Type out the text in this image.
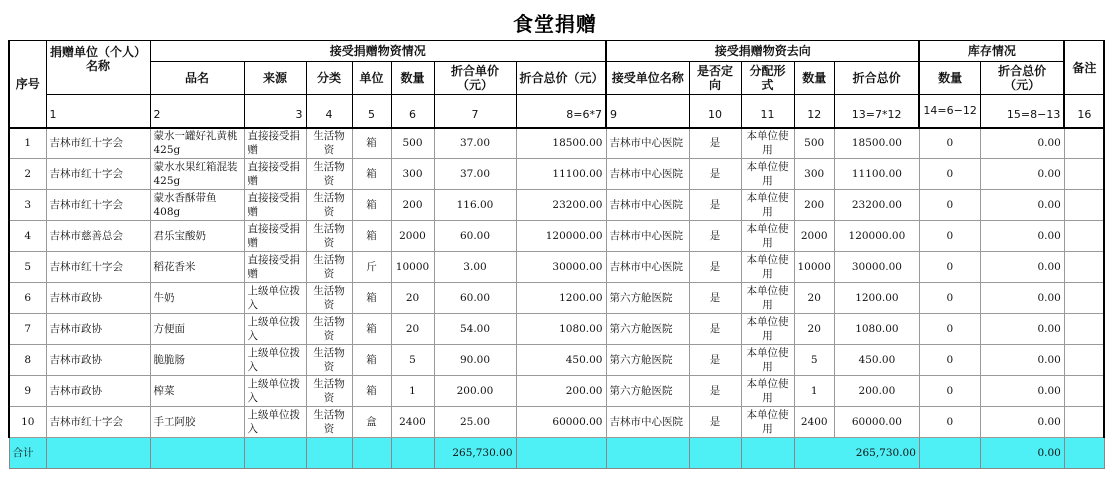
食堂捐赠
序号	捐赠单位（个人）名称	接受捐赠物资情况							接受捐赠物资去向					库存情况		备注
		品名	来源	分类	单位	数量	折合单价（元）	折合总价（元）	接受单位名称	是否定向	分配形式	数量	折合总价	数量	折合总价（元）	
	1	2	3	4	5	6	7	8=6*7	9	10	11	12	13=7*12	14=6−12	15=8−13	16
1	吉林市红十字会	蒙水一罐好礼黄桃425g	直接接受捐赠	生活物资	箱	500	37.00	18500.00	吉林市中心医院	是	本单位使用	500	18500.00	0	0.00	
2	吉林市红十字会	蒙水水果红箱混装425g	直接接受捐赠	生活物资	箱	300	37.00	11100.00	吉林市中心医院	是	本单位使用	300	11100.00	0	0.00	
3	吉林市红十字会	蒙水香酥带鱼408g	直接接受捐赠	生活物资	箱	200	116.00	23200.00	吉林市中心医院	是	本单位使用	200	23200.00	0	0.00	
4	吉林市慈善总会	君乐宝酸奶	直接接受捐赠	生活物资	箱	2000	60.00	120000.00	吉林市中心医院	是	本单位使用	2000	120000.00	0	0.00	
5	吉林市红十字会	稻花香米	直接接受捐赠	生活物资	斤	10000	3.00	30000.00	吉林市中心医院	是	本单位使用	10000	30000.00	0	0.00	
6	吉林市政协	牛奶	上级单位拨入	生活物资	箱	20	60.00	1200.00	第六方舱医院	是	本单位使用	20	1200.00	0	0.00	
7	吉林市政协	方便面	上级单位拨入	生活物资	箱	20	54.00	1080.00	第六方舱医院	是	本单位使用	20	1080.00	0	0.00	
8	吉林市政协	脆脆肠	上级单位拨入	生活物资	箱	5	90.00	450.00	第六方舱医院	是	本单位使用	5	450.00	0	0.00	
9	吉林市政协	榨菜	上级单位拨入	生活物资	箱	1	200.00	200.00	第六方舱医院	是	本单位使用	1	200.00	0	0.00	
10	吉林市红十字会	手工阿胶	上级单位拨入	生活物资	盒	2400	25.00	60000.00	吉林市中心医院	是	本单位使用	2400	60000.00	0	0.00	
合计							265,730.00					265,730.00			0.00	
